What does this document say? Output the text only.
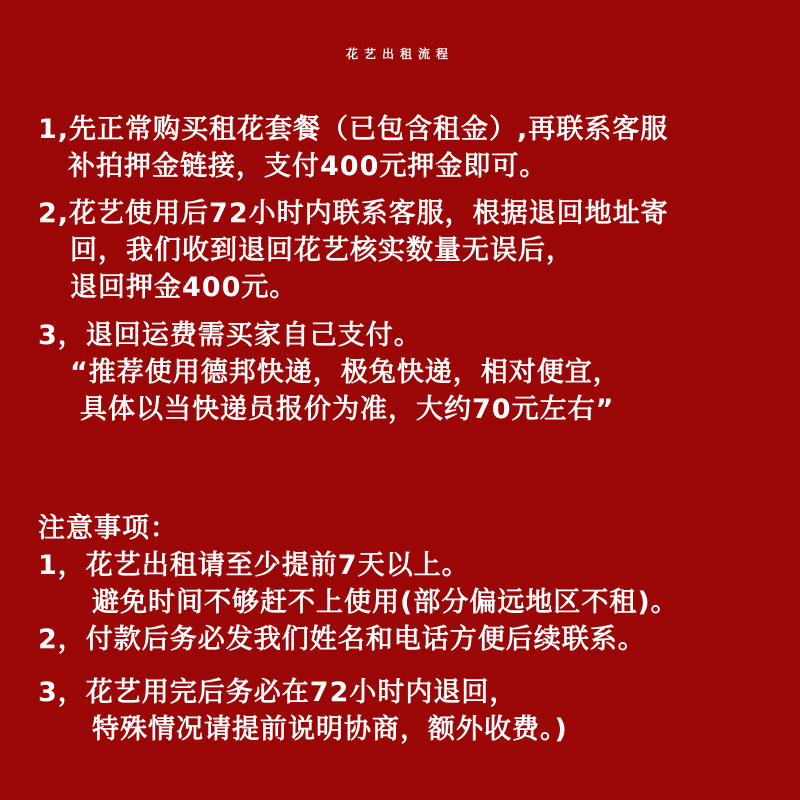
花艺出租流程
1,先正常购买租花套餐（已包含租金）,再联系客服
补拍押金链接，支付400元押金即可。
2,花艺使用后72小时内联系客服，根据退回地址寄
回，我们收到退回花艺核实数量无误后，
退回押金400元。
3，退回运费需买家自己支付。
“推荐使用德邦快递，极兔快递，相对便宜，
具体以当快递员报价为准，大约70元左右”
注意事项：
1，花艺出租请至少提前7天以上。
避免时间不够赶不上使用(部分偏远地区不租)。
2，付款后务必发我们姓名和电话方便后续联系。
3，花艺用完后务必在72小时内退回，
特殊情况请提前说明协商，额外收费。)
